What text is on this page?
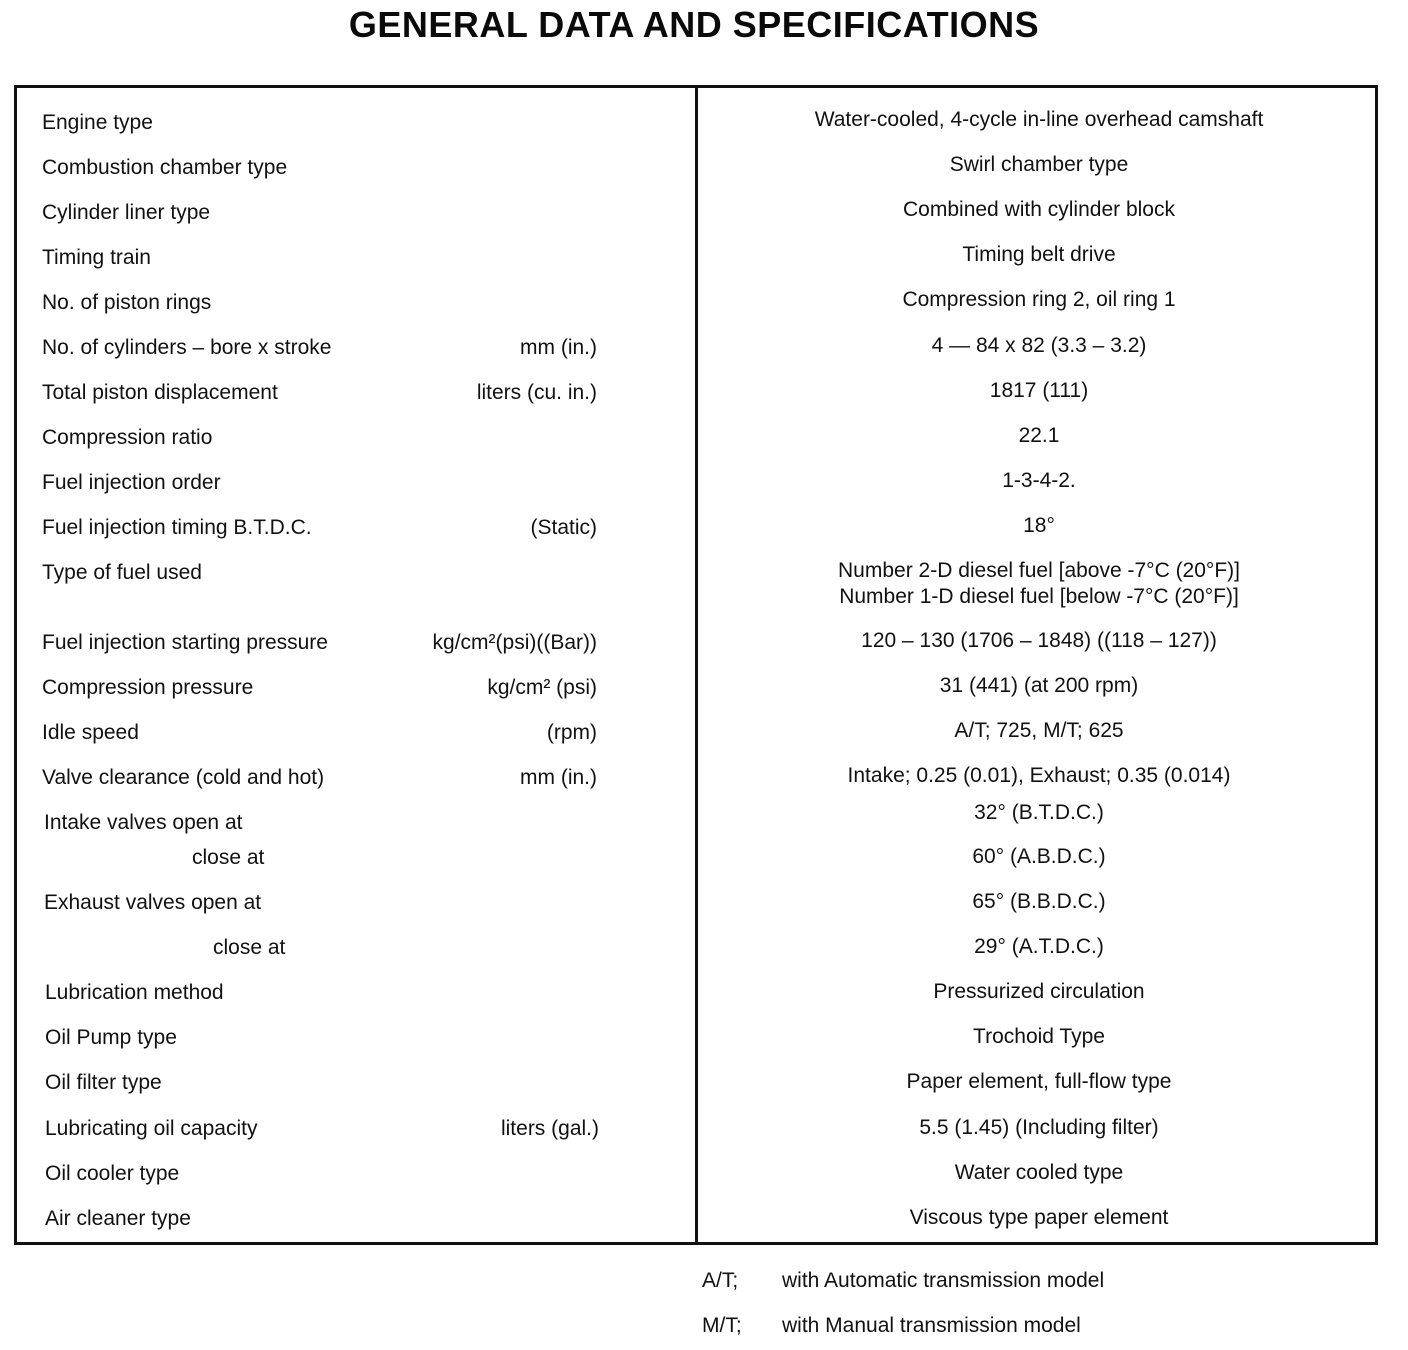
GENERAL DATA AND SPECIFICATIONS
Engine type	Water-cooled, 4-cycle in-line overhead camshaft
Combustion chamber type	Swirl chamber type
Cylinder liner type	Combined with cylinder block
Timing train	Timing belt drive
No. of piston rings	Compression ring 2, oil ring 1
No. of cylinders – bore x stroke	mm (in.)	4 — 84 x 82 (3.3 – 3.2)
Total piston displacement	liters (cu. in.)	1817 (111)
Compression ratio	22.1
Fuel injection order	1-3-4-2.
Fuel injection timing B.T.D.C.	(Static)	18°
Type of fuel used	Number 2-D diesel fuel [above -7°C (20°F)]
Number 1-D diesel fuel [below -7°C (20°F)]
Fuel injection starting pressure	kg/cm²(psi)((Bar))	120 – 130 (1706 – 1848) ((118 – 127))
Compression pressure	kg/cm² (psi)	31 (441) (at 200 rpm)
Idle speed	(rpm)	A/T; 725, M/T; 625
Valve clearance (cold and hot)	mm (in.)	Intake; 0.25 (0.01), Exhaust; 0.35 (0.014)
Intake valves open at	32° (B.T.D.C.)
close at	60° (A.B.D.C.)
Exhaust valves open at	65° (B.B.D.C.)
close at	29° (A.T.D.C.)
Lubrication method	Pressurized circulation
Oil Pump type	Trochoid Type
Oil filter type	Paper element, full-flow type
Lubricating oil capacity	liters (gal.)	5.5 (1.45) (Including filter)
Oil cooler type	Water cooled type
Air cleaner type	Viscous type paper element
A/T; with Automatic transmission model
M/T; with Manual transmission model
